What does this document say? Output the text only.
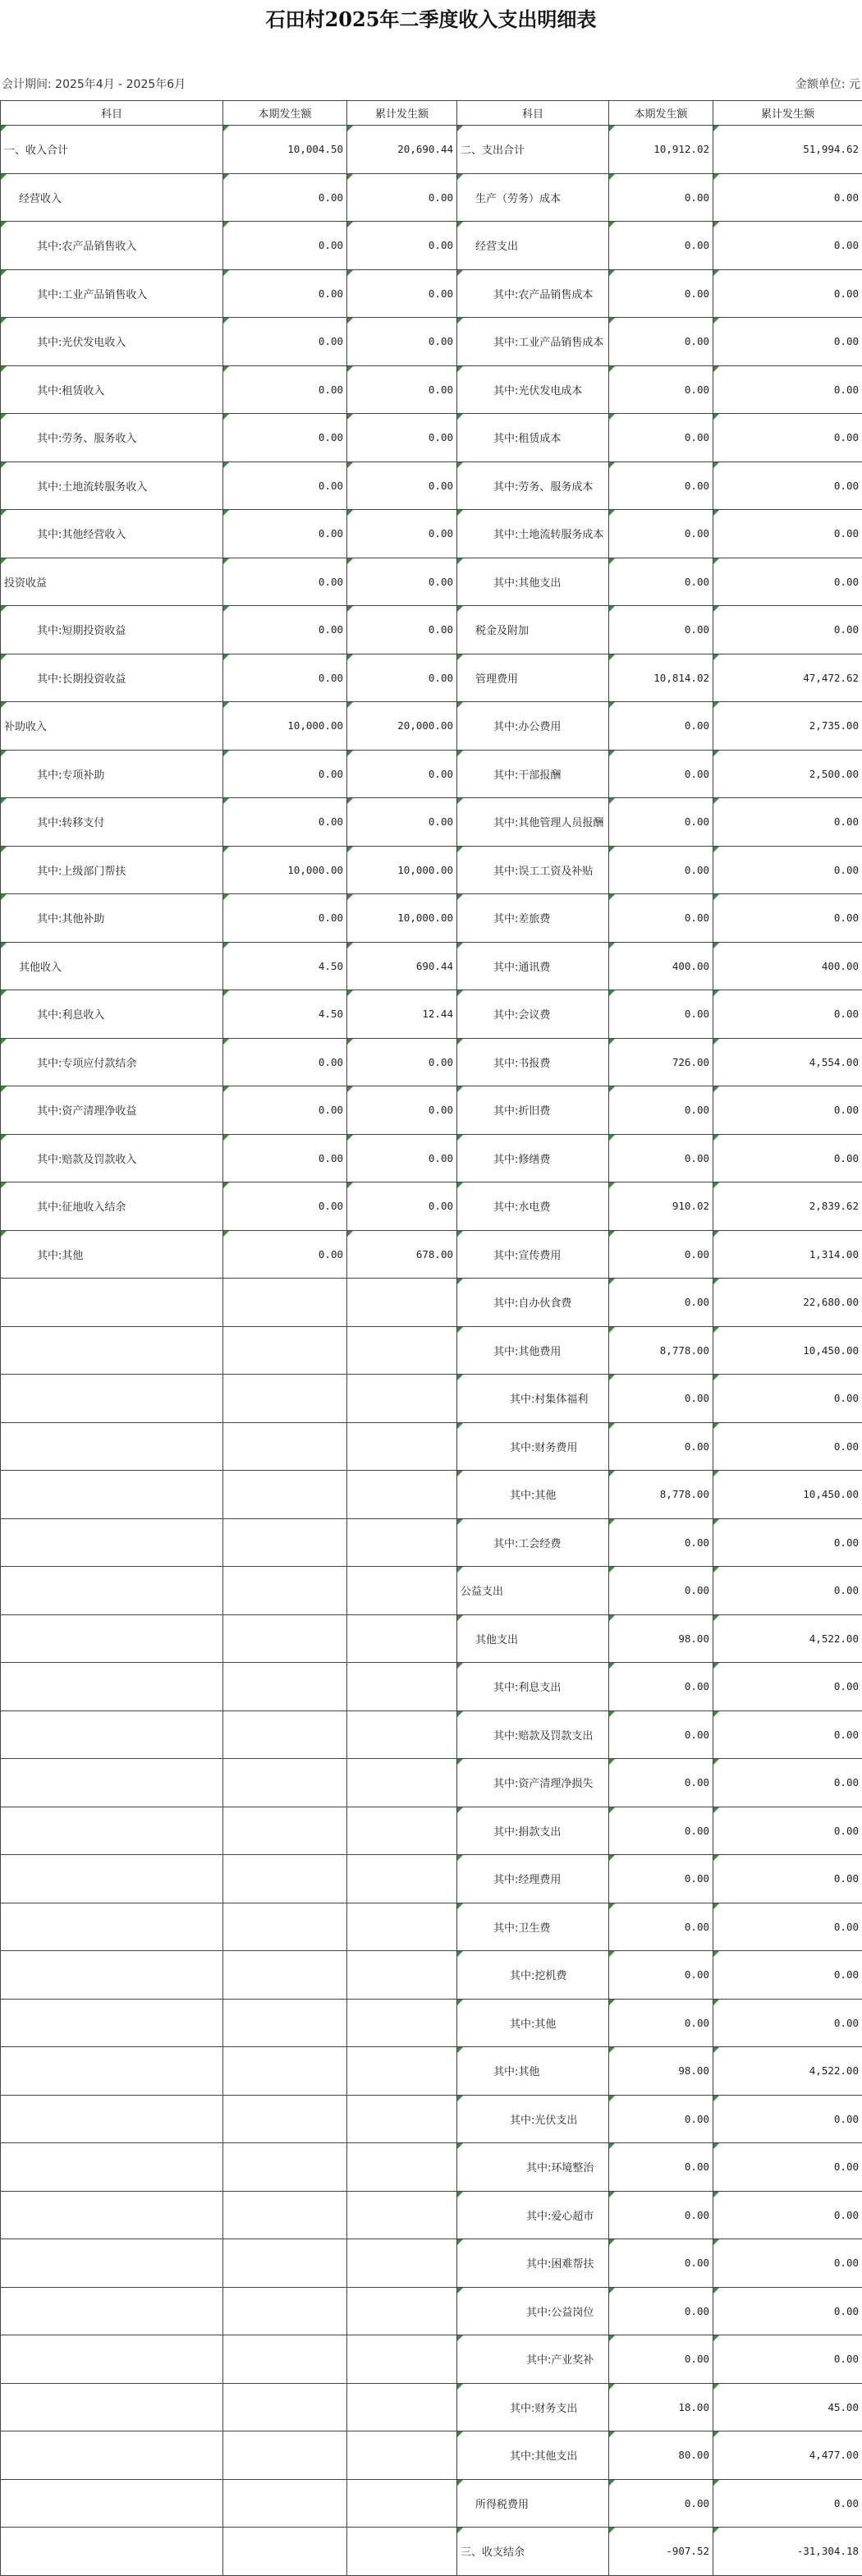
石田村2025年二季度收入支出明细表
会计期间: 2025年4月 - 2025年6月	金额单位: 元
科目	本期发生额	累计发生额	科目	本期发生额	累计发生额
一、收入合计	10,004.50	20,690.44	二、支出合计	10,912.02	51,994.62
经营收入	0.00	0.00	生产（劳务）成本	0.00	0.00
其中:农产品销售收入	0.00	0.00	经营支出	0.00	0.00
其中:工业产品销售收入	0.00	0.00	其中:农产品销售成本	0.00	0.00
其中:光伏发电收入	0.00	0.00	其中:工业产品销售成本	0.00	0.00
其中:租赁收入	0.00	0.00	其中:光伏发电成本	0.00	0.00
其中:劳务、服务收入	0.00	0.00	其中:租赁成本	0.00	0.00
其中:土地流转服务收入	0.00	0.00	其中:劳务、服务成本	0.00	0.00
其中:其他经营收入	0.00	0.00	其中:土地流转服务成本	0.00	0.00
投资收益	0.00	0.00	其中:其他支出	0.00	0.00
其中:短期投资收益	0.00	0.00	税金及附加	0.00	0.00
其中:长期投资收益	0.00	0.00	管理费用	10,814.02	47,472.62
补助收入	10,000.00	20,000.00	其中:办公费用	0.00	2,735.00
其中:专项补助	0.00	0.00	其中:干部报酬	0.00	2,500.00
其中:转移支付	0.00	0.00	其中:其他管理人员报酬	0.00	0.00
其中:上级部门帮扶	10,000.00	10,000.00	其中:误工工资及补贴	0.00	0.00
其中:其他补助	0.00	10,000.00	其中:差旅费	0.00	0.00
其他收入	4.50	690.44	其中:通讯费	400.00	400.00
其中:利息收入	4.50	12.44	其中:会议费	0.00	0.00
其中:专项应付款结余	0.00	0.00	其中:书报费	726.00	4,554.00
其中:资产清理净收益	0.00	0.00	其中:折旧费	0.00	0.00
其中:赔款及罚款收入	0.00	0.00	其中:修缮费	0.00	0.00
其中:征地收入结余	0.00	0.00	其中:水电费	910.02	2,839.62
其中:其他	0.00	678.00	其中:宣传费用	0.00	1,314.00
			其中:自办伙食费	0.00	22,680.00
			其中:其他费用	8,778.00	10,450.00
			其中:村集体福利	0.00	0.00
			其中:财务费用	0.00	0.00
			其中:其他	8,778.00	10,450.00
			其中:工会经费	0.00	0.00
			公益支出	0.00	0.00
			其他支出	98.00	4,522.00
			其中:利息支出	0.00	0.00
			其中:赔款及罚款支出	0.00	0.00
			其中:资产清理净损失	0.00	0.00
			其中:捐款支出	0.00	0.00
			其中:经理费用	0.00	0.00
			其中:卫生费	0.00	0.00
			其中:挖机费	0.00	0.00
			其中:其他	0.00	0.00
			其中:其他	98.00	4,522.00
			其中:光伏支出	0.00	0.00
			其中:环境整治	0.00	0.00
			其中:爱心超市	0.00	0.00
			其中:困难帮扶	0.00	0.00
			其中:公益岗位	0.00	0.00
			其中:产业奖补	0.00	0.00
			其中:财务支出	18.00	45.00
			其中:其他支出	80.00	4,477.00
			所得税费用	0.00	0.00
			三、收支结余	-907.52	-31,304.18
